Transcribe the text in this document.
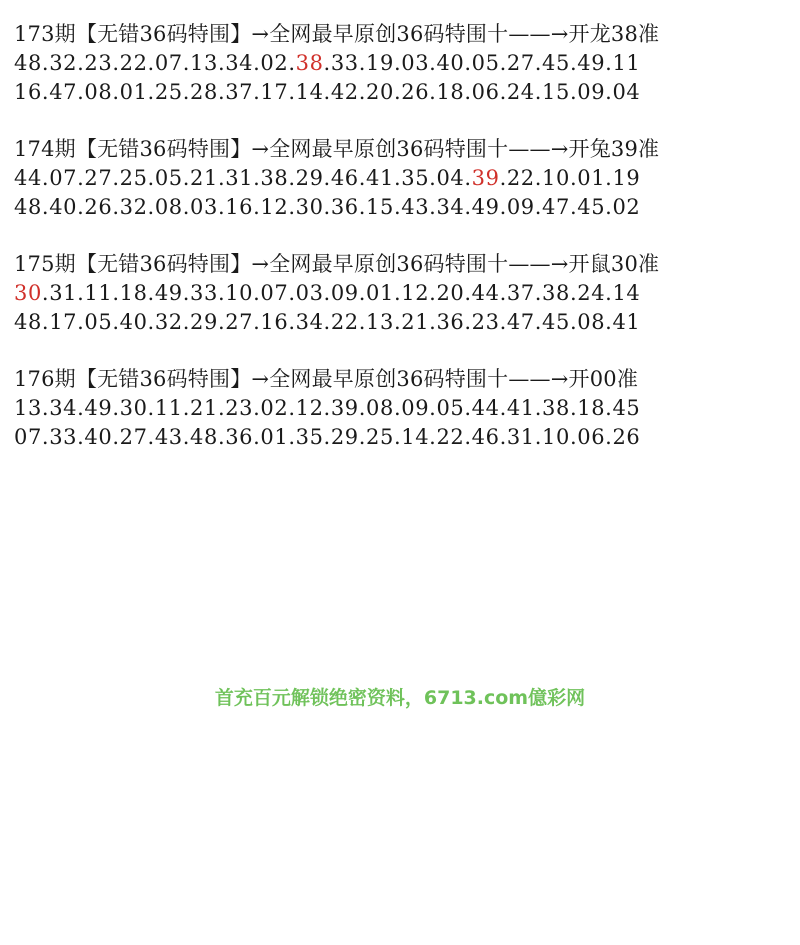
173期【无错36码特围】→全网最早原创36码特围十——→开龙38准
48.32.23.22.07.13.34.02.38.33.19.03.40.05.27.45.49.11
16.47.08.01.25.28.37.17.14.42.20.26.18.06.24.15.09.04
174期【无错36码特围】→全网最早原创36码特围十——→开兔39准
44.07.27.25.05.21.31.38.29.46.41.35.04.39.22.10.01.19
48.40.26.32.08.03.16.12.30.36.15.43.34.49.09.47.45.02
175期【无错36码特围】→全网最早原创36码特围十——→开鼠30准
30.31.11.18.49.33.10.07.03.09.01.12.20.44.37.38.24.14
48.17.05.40.32.29.27.16.34.22.13.21.36.23.47.45.08.41
176期【无错36码特围】→全网最早原创36码特围十——→开00准
13.34.49.30.11.21.23.02.12.39.08.09.05.44.41.38.18.45
07.33.40.27.43.48.36.01.35.29.25.14.22.46.31.10.06.26
首充百元解锁绝密资料，6713.com億彩网
